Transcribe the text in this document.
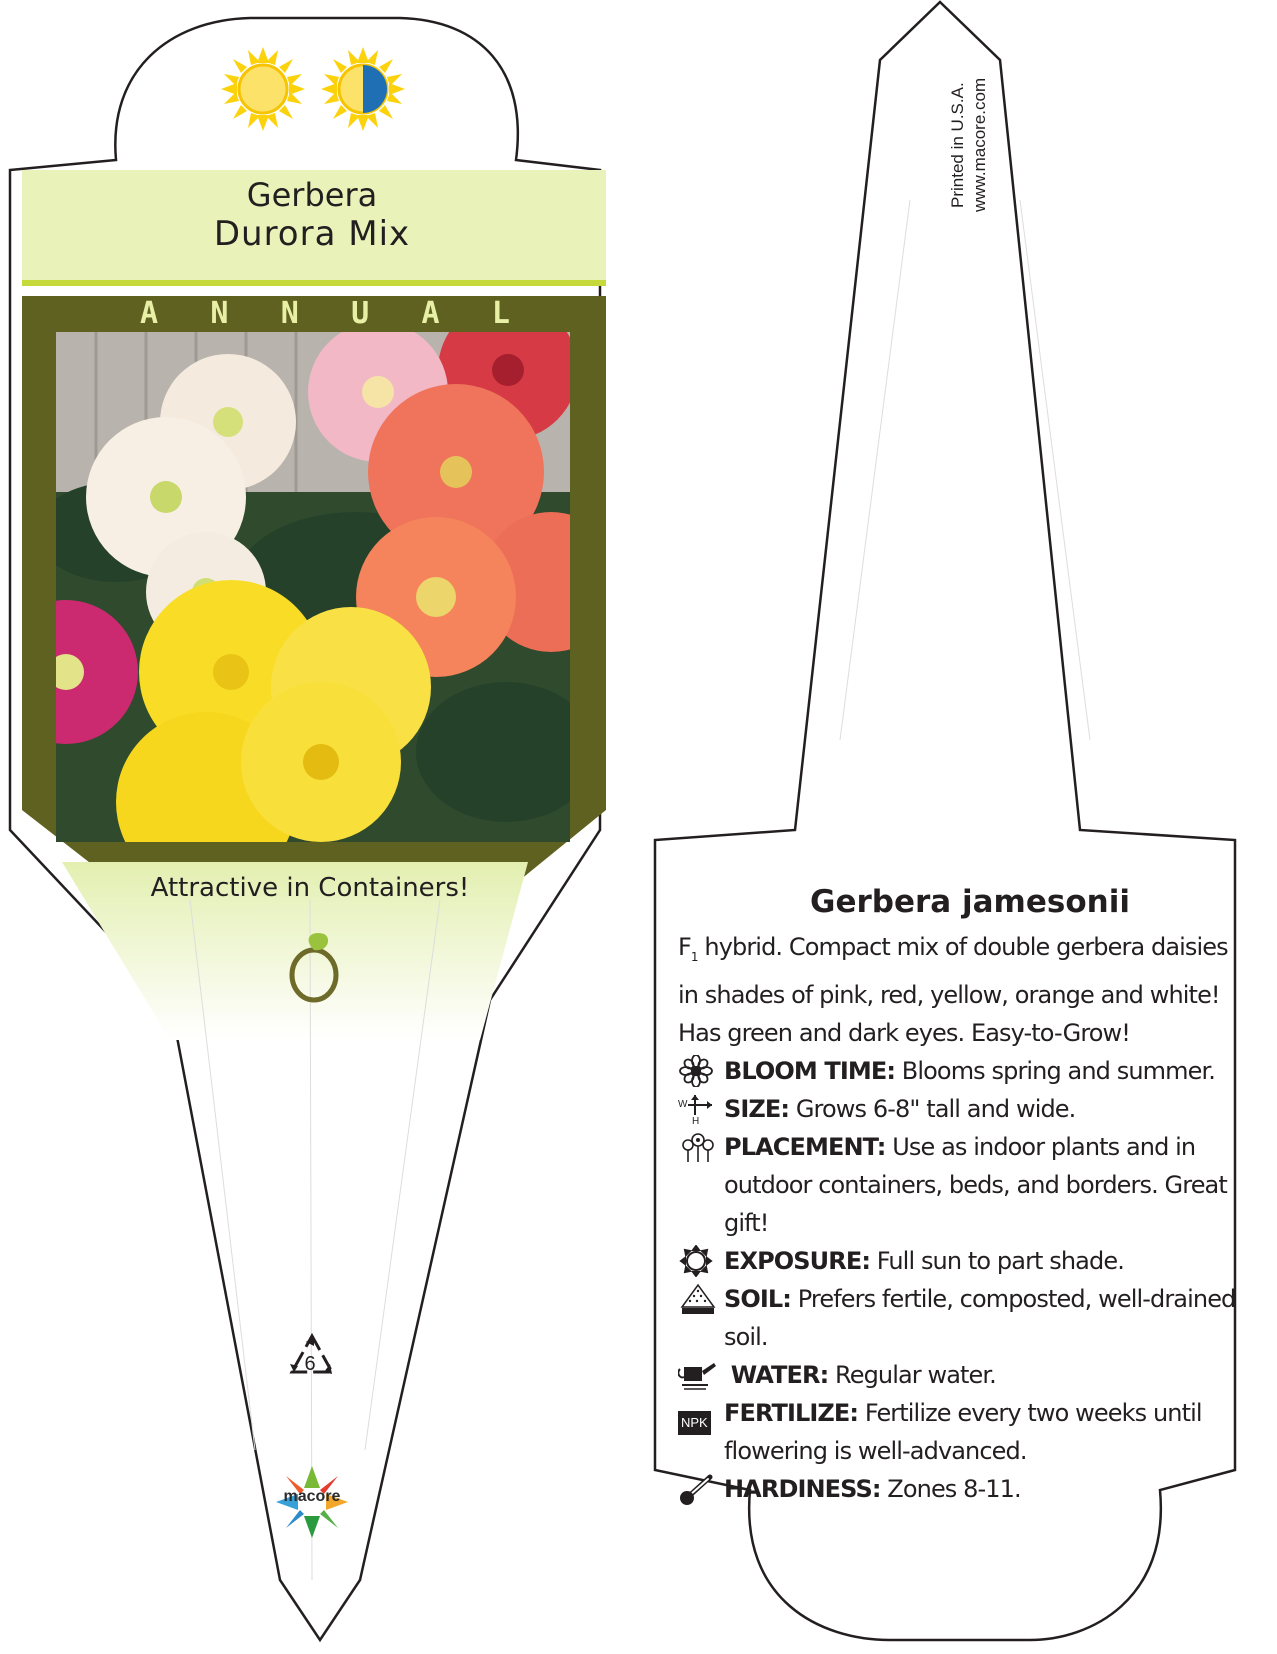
Gerbera
Durora Mix
A N N U A L
Attractive in Containers!
6
macore
Printed in U.S.A. www.macore.com
Gerbera jamesonii
$F_1$ hybrid. Compact mix of double gerbera daisies in shades of pink, red, yellow, orange and white! Has green and dark eyes. Easy-to-Grow!
BLOOM TIME: Blooms spring and summer.
W
H SIZE: Grows 6-8" tall and wide.
PLACEMENT: Use as indoor plants and in outdoor containers, beds, and borders. Great gift!
EXPOSURE: Full sun to part shade.
SOIL: Prefers fertile, composted, well-drained soil.
WATER: Regular water.
NPK FERTILIZE: Fertilize every two weeks until flowering is well-advanced.
HARDINESS: Zones 8-11.
